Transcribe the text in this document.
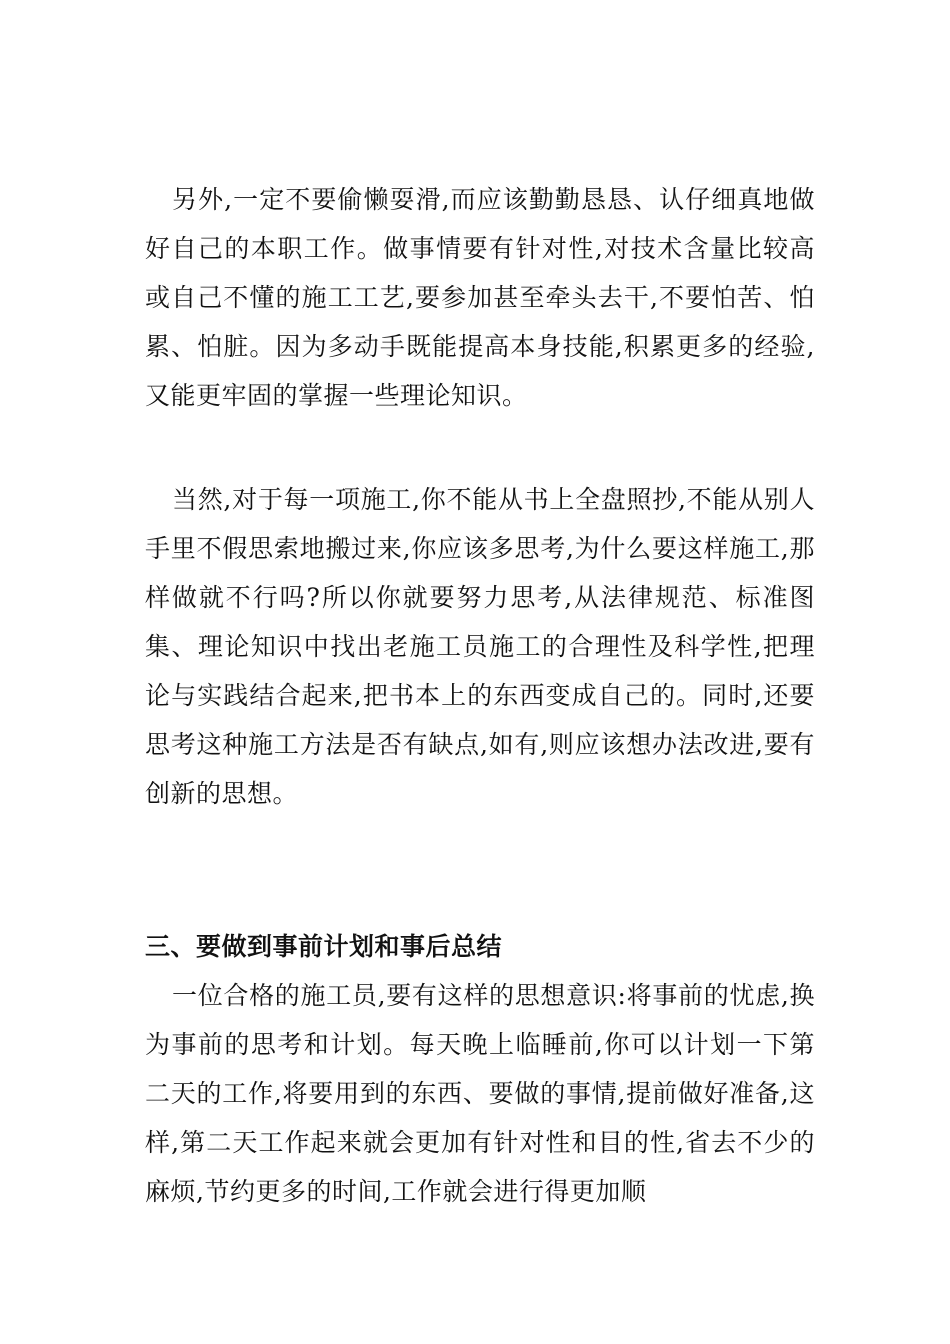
另外,一定不要偷懒耍滑,而应该勤勤恳恳、认仔细真地做好自己的本职工作。做事情要有针对性,对技术含量比较高或自己不懂的施工工艺,要参加甚至牵头去干,不要怕苦、怕累、怕脏。因为多动手既能提高本身技能,积累更多的经验,又能更牢固的掌握一些理论知识。

当然,对于每一项施工,你不能从书上全盘照抄,不能从别人手里不假思索地搬过来,你应该多思考,为什么要这样施工,那样做就不行吗?所以你就要努力思考,从法律规范、标准图集、理论知识中找出老施工员施工的合理性及科学性,把理论与实践结合起来,把书本上的东西变成自己的。同时,还要思考这种施工方法是否有缺点,如有,则应该想办法改进,要有创新的思想。

三、要做到事前计划和事后总结

一位合格的施工员,要有这样的思想意识:将事前的忧虑,换为事前的思考和计划。每天晚上临睡前,你可以计划一下第二天的工作,将要用到的东西、要做的事情,提前做好准备,这样,第二天工作起来就会更加有针对性和目的性,省去不少的麻烦,节约更多的时间,工作就会进行得更加顺
